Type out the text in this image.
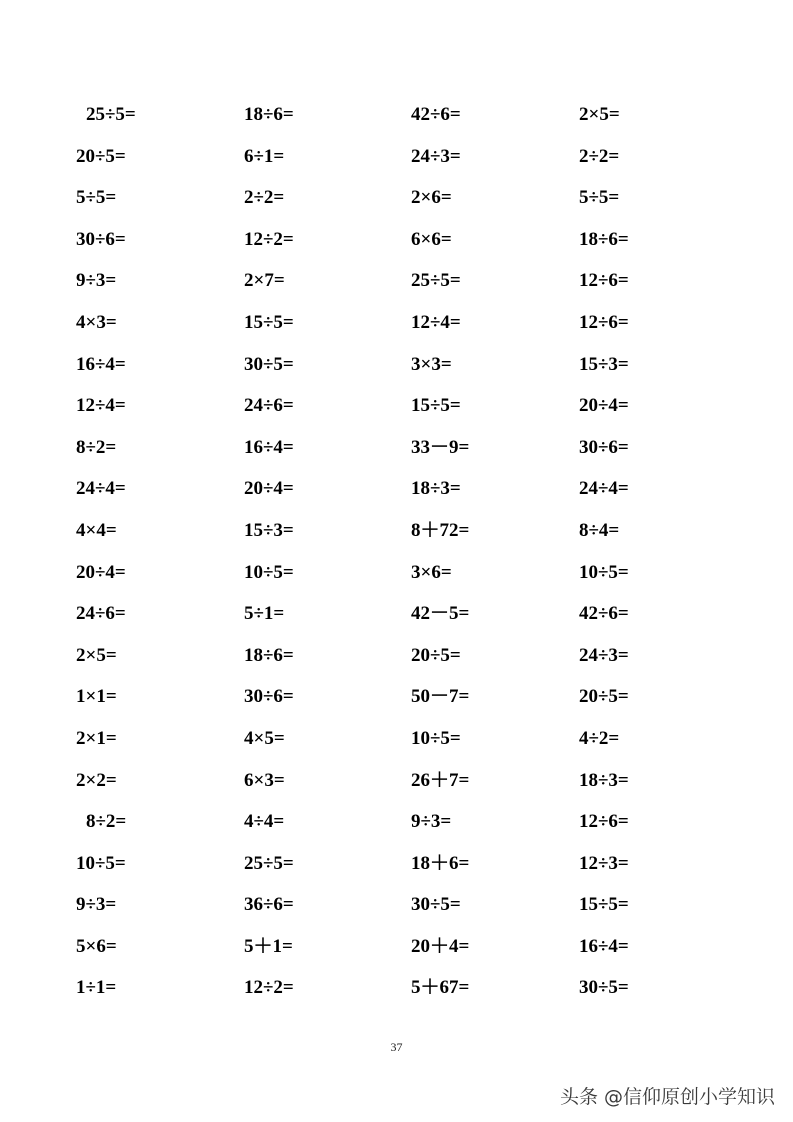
25÷5=	18÷6=	42÷6=	2×5=
20÷5=	6÷1=	24÷3=	2÷2=
5÷5=	2÷2=	2×6=	5÷5=
30÷6=	12÷2=	6×6=	18÷6=
9÷3=	2×7=	25÷5=	12÷6=
4×3=	15÷5=	12÷4=	12÷6=
16÷4=	30÷5=	3×3=	15÷3=
12÷4=	24÷6=	15÷5=	20÷4=
8÷2=	16÷4=	33－9=	30÷6=
24÷4=	20÷4=	18÷3=	24÷4=
4×4=	15÷3=	8＋72=	8÷4=
20÷4=	10÷5=	3×6=	10÷5=
24÷6=	5÷1=	42－5=	42÷6=
2×5=	18÷6=	20÷5=	24÷3=
1×1=	30÷6=	50－7=	20÷5=
2×1=	4×5=	10÷5=	4÷2=
2×2=	6×3=	26＋7=	18÷3=
8÷2=	4÷4=	9÷3=	12÷6=
10÷5=	25÷5=	18＋6=	12÷3=
9÷3=	36÷6=	30÷5=	15÷5=
5×6=	5＋1=	20＋4=	16÷4=
1÷1=	12÷2=	5＋67=	30÷5=
37
头条 @信仰原创小学知识
